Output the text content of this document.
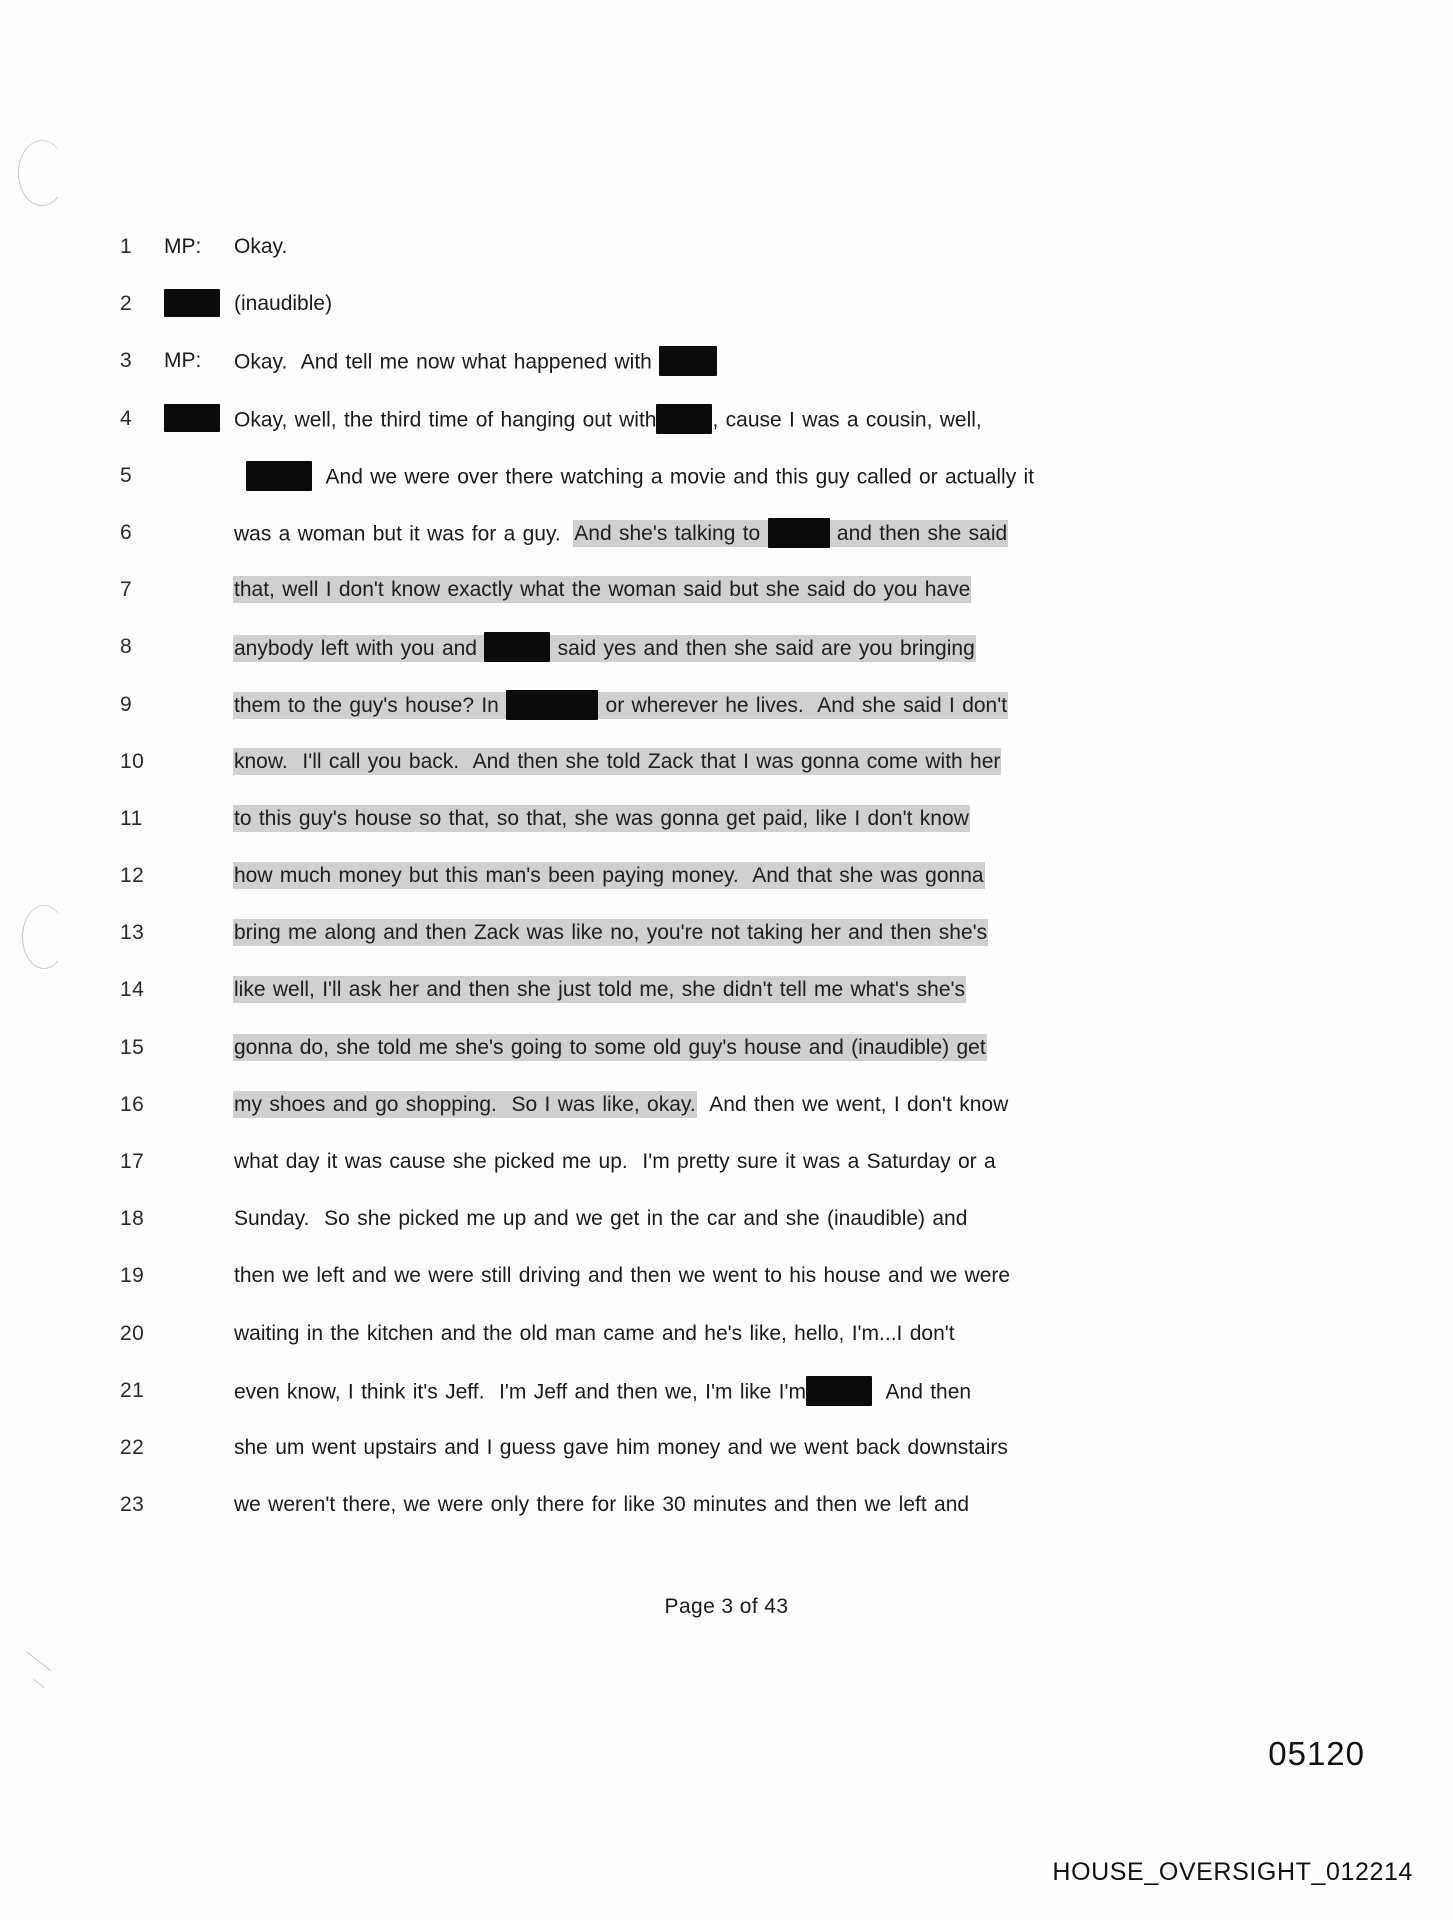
1	MP:	Okay.
2	(inaudible)
3	MP:	Okay.  And tell me now what happened with
4	Okay, well, the third time of hanging out with	, cause I was a cousin, well,
5	And we were over there watching a movie and this guy called or actually it
6	was a woman but it was for a guy.  And she's talking to	and then she said
7	that, well I don't know exactly what the woman said but she said do you have
8	anybody left with you and	said yes and then she said are you bringing
9	them to the guy's house? In	or wherever he lives.  And she said I don't
10	know.  I'll call you back.  And then she told Zack that I was gonna come with her
11	to this guy's house so that, so that, she was gonna get paid, like I don't know
12	how much money but this man's been paying money.  And that she was gonna
13	bring me along and then Zack was like no, you're not taking her and then she's
14	like well, I'll ask her and then she just told me, she didn't tell me what's she's
15	gonna do, she told me she's going to some old guy's house and (inaudible) get
16	my shoes and go shopping.  So I was like, okay.  And then we went, I don't know
17	what day it was cause she picked me up.  I'm pretty sure it was a Saturday or a
18	Sunday.  So she picked me up and we get in the car and she (inaudible) and
19	then we left and we were still driving and then we went to his house and we were
20	waiting in the kitchen and the old man came and he's like, hello, I'm...I don't
21	even know, I think it's Jeff.  I'm Jeff and then we, I'm like I'm	And then
22	she um went upstairs and I guess gave him money and we went back downstairs
23	we weren't there, we were only there for like 30 minutes and then we left and
Page 3 of 43
05120
HOUSE_OVERSIGHT_012214
